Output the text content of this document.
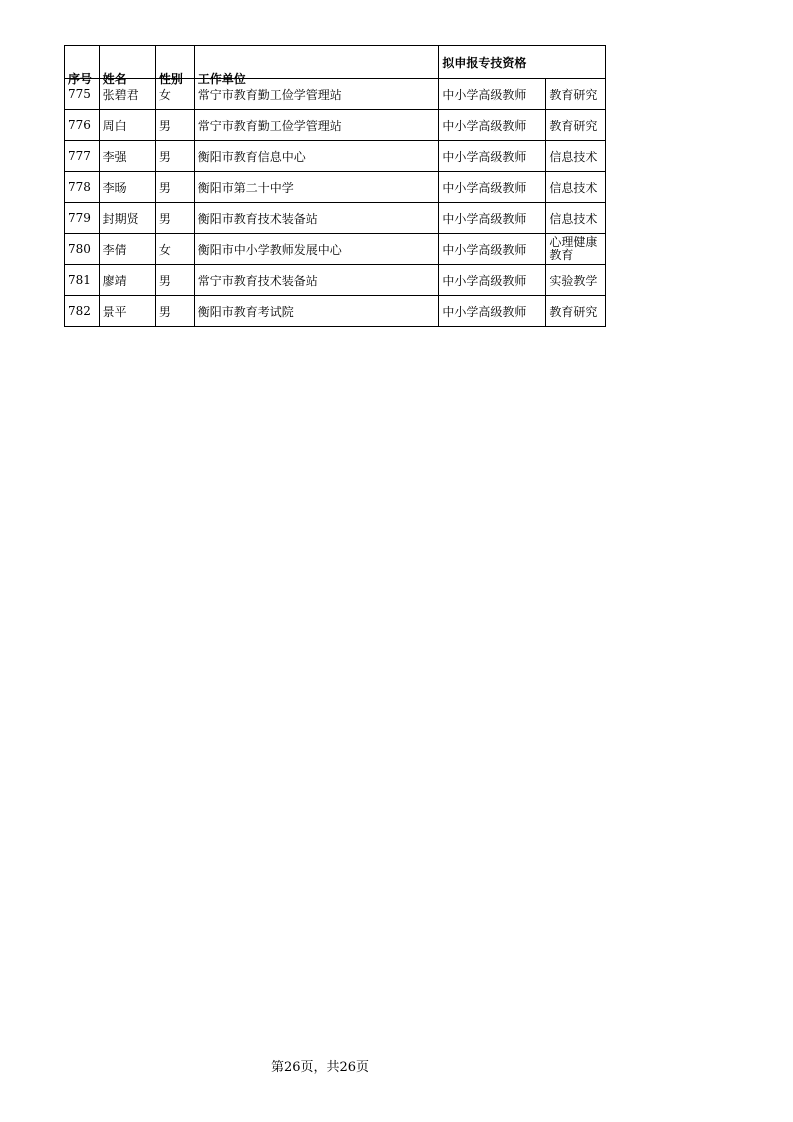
序号	姓名	性别	工作单位	拟申报专技资格	
775	张碧君	女	常宁市教育勤工俭学管理站	中小学高级教师	教育研究
776	周白	男	常宁市教育勤工俭学管理站	中小学高级教师	教育研究
777	李强	男	衡阳市教育信息中心	中小学高级教师	信息技术
778	李旸	男	衡阳市第二十中学	中小学高级教师	信息技术
779	封期贤	男	衡阳市教育技术装备站	中小学高级教师	信息技术
780	李倩	女	衡阳市中小学教师发展中心	中小学高级教师	心理健康教育
781	廖靖	男	常宁市教育技术装备站	中小学高级教师	实验教学
782	景平	男	衡阳市教育考试院	中小学高级教师	教育研究
第26页，共26页
